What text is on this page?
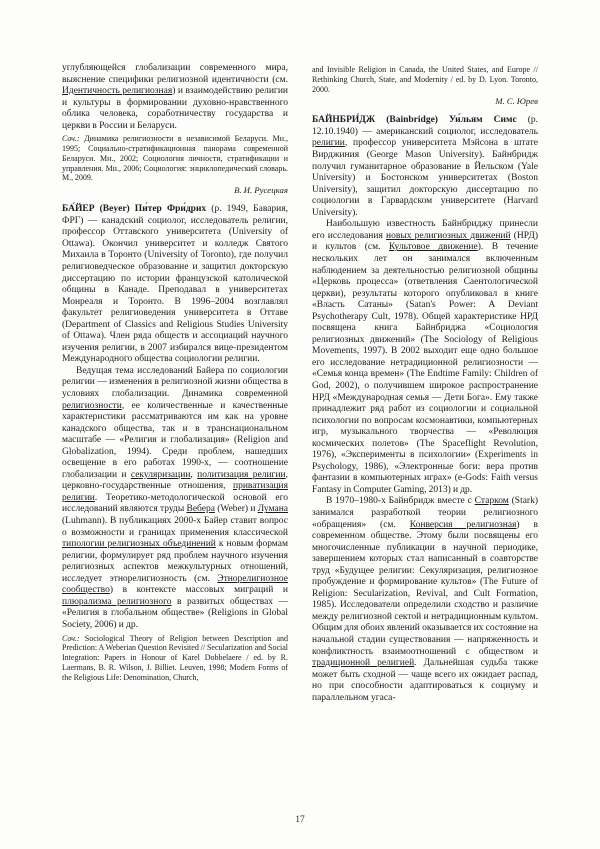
углубляющейся глобализации современного мира, выяснение специфики религиозной идентичности (см. Идентичность религиозная) и взаимодействию религии и культуры в формировании духовно-нравственного облика человека, соработничеству государства и церкви в России и Беларуси.

Соч.: Динамика религиозности в независимой Беларуси. Мн., 1995; Социально-стратификационная панорама современной Беларуси. Мн., 2002; Социология личности, стратификации и управления. Мн., 2006; Социология: энциклопедический словарь. М., 2009.

В. И. Русецкая

БА́ЙЕР (Beyer) Пи́тер Фри́дрих (р. 1949, Бавария, ФРГ) — канадский социолог, исследователь религии, профессор Оттавского университета (University of Ottawa). Окончил университет и колледж Святого Михаила в Торонто (University of Toronto), где получил религиоведческое образование и защитил докторскую диссертацию по истории французской католической общины в Канаде. Преподавал в университетах Монреаля и Торонто. В 1996–2004 возглавлял факультет религиоведения университета в Оттаве (Department of Classics and Religious Studies University of Ottawa). Член ряда обществ и ассоциаций научного изучения религии, в 2007 избирался вице-президентом Международного общества социологии религии.

Ведущая тема исследований Байера по социологии религии — изменения в религиозной жизни общества в условиях глобализации. Динамика современной религиозности, ее количественные и качественные характеристики рассматриваются им как на уровне канадского общества, так и в транснациональном масштабе — «Религия и глобализация» (Religion and Globalization, 1994). Среди проблем, нашедших освещение в его работах 1990-х, — соотношение глобализации и секуляризации, политизация религии, церковно-государственные отношения, приватизация религии. Теоретико-методологической основой его исследований являются труды Вебера (Weber) и Лумана (Luhmann). В публикациях 2000-х Байер ставит вопрос о возможности и границах применения классической типологии религиозных объединений к новым формам религии, формулирует ряд проблем научного изучения религиозных аспектов межкультурных отношений, исследует этнорелигиозность (см. Этнорелигиозное сообщество) в контексте массовых миграций и плюрализма религиозного в развитых обществах — «Религия в глобальном обществе» (Religions in Global Society, 2006) и др.

Соч.: Sociological Theory of Religion between Description and Prediction: A Weberian Question Revisited // Secularization and Social Integration: Papers in Honour of Karel Dobbelaere / ed. by R. Laermans, B. R. Wilson, J. Billiet. Leuven, 1998; Modern Forms of the Religious Life: Denomination, Church,

and Invisible Religion in Canada, the United States, and Europe // Rethinking Church, State, and Modernity / ed. by D. Lyon. Toronto, 2000.

М. С. Юрев

БАЙНБРИ́ДЖ (Bainbridge) Уи́льям Симс (р. 12.10.1940) — американский социолог, исследователь религии, профессор университета Мэйсона в штате Вирджиния (George Mason University). Байнбридж получил гуманитарное образование в Йельском (Yale University) и Бостонском университетах (Boston University), защитил докторскую диссертацию по социологии в Гарвардском университете (Harvard University).

Наибольшую известность Байнбриджу принесли его исследования новых религиозных движений (НРД) и культов (см. Культовое движение). В течение нескольких лет он занимался включенным наблюдением за деятельностью религиозной общины «Церковь процесса» (ответвления Саентологической церкви), результаты которого опубликовал в книге «Власть Сатаны» (Satan's Power: A Deviant Psychotherapy Cult, 1978). Общей характеристике НРД посвящена книга Байнбриджа «Социология религиозных движений» (The Sociology of Religious Movements, 1997). В 2002 выходит еще одно большое его исследование нетрадиционной религиозности — «Семья конца времен» (The Endtime Family: Children of God, 2002), о получившем широкое распространение НРД «Международная семья — Дети Бога». Ему также принадлежит ряд работ из социологии и социальной психологии по вопросам космонавтики, компьютерных игр, музыкального творчества — «Революция космических полетов» (The Spaceflight Revolution, 1976), «Эксперименты в психологии» (Experiments in Psychology, 1986), «Электронные боги: вера против фантазии в компьютерных играх» (e-Gods: Faith versus Fantasy in Computer Gaming, 2013) и др.

В 1970–1980-х Байнбридж вместе с Старком (Stark) занимался разработкой теории религиозного «обращения» (см. Конверсия религиозная) в современном обществе. Этому были посвящены его многочисленные публикации в научной периодике, завершением которых стал написанный в соавторстве труд «Будущее религии: Секуляризация, религиозное пробуждение и формирование культов» (The Future of Religion: Secularization, Revival, and Cult Formation, 1985). Исследователи определили сходство и различие между религиозной сектой и нетрадиционным культом. Общим для обоих явлений оказывается их состояние на начальной стадии существования — напряженность и конфликтность взаимоотношений с обществом и традиционной религией. Дальнейшая судьба также может быть сходной — чаще всего их ожидает распад, но при способности адаптироваться к социуму и параллельном угаса-

17
